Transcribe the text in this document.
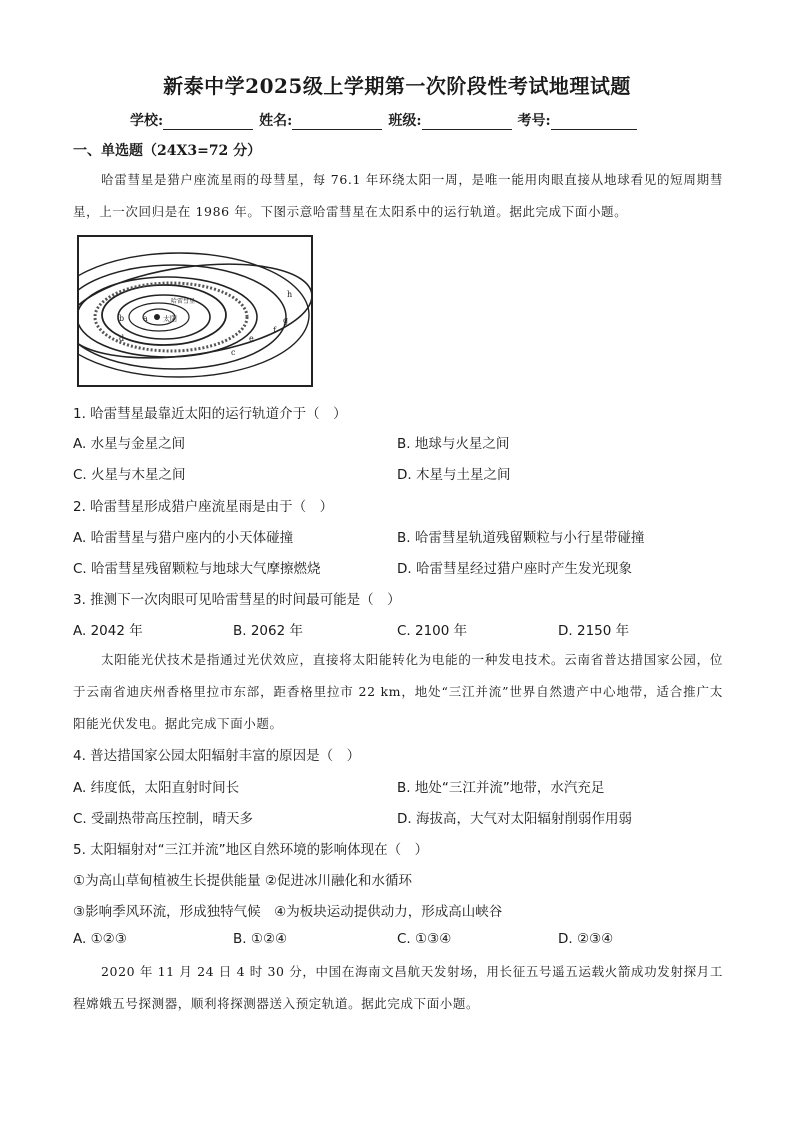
新泰中学2025级上学期第一次阶段性考试地理试题
学校:	姓名:	班级:	考号:
一、单选题（24X3=72 分）
哈雷彗星是猎户座流星雨的母彗星，每 76.1 年环绕太阳一周，是唯一能用肉眼直接从地球看见的短周期彗星，上一次回归是在 1986 年。下图示意哈雷彗星在太阳系中的运行轨道。据此完成下面小题。
太阳
a
b
c
d	e
f
g
h
哈雷彗星
1. 哈雷彗星最靠近太阳的运行轨道介于（　）
A. 水星与金星之间	B. 地球与火星之间
C. 火星与木星之间	D. 木星与土星之间
2. 哈雷彗星形成猎户座流星雨是由于（　）
A. 哈雷彗星与猎户座内的小天体碰撞	B. 哈雷彗星轨道残留颗粒与小行星带碰撞
C. 哈雷彗星残留颗粒与地球大气摩擦燃烧	D. 哈雷彗星经过猎户座时产生发光现象
3. 推测下一次肉眼可见哈雷彗星的时间最可能是（　）
A. 2042 年	B. 2062 年	C. 2100 年	D. 2150 年
太阳能光伏技术是指通过光伏效应，直接将太阳能转化为电能的一种发电技术。云南省普达措国家公园，位于云南省迪庆州香格里拉市东部，距香格里拉市 22 km，地处“三江并流”世界自然遗产中心地带，适合推广太阳能光伏发电。据此完成下面小题。
4. 普达措国家公园太阳辐射丰富的原因是（　）
A. 纬度低，太阳直射时间长	B. 地处“三江并流”地带，水汽充足
C. 受副热带高压控制，晴天多	D. 海拔高，大气对太阳辐射削弱作用弱
5. 太阳辐射对“三江并流”地区自然环境的影响体现在（　）
①为高山草甸植被生长提供能量 ②促进冰川融化和水循环
③影响季风环流，形成独特气候　④为板块运动提供动力，形成高山峡谷
A. ①②③	B. ①②④	C. ①③④	D. ②③④
2020 年 11 月 24 日 4 时 30 分，中国在海南文昌航天发射场，用长征五号遥五运载火箭成功发射探月工程嫦娥五号探测器，顺利将探测器送入预定轨道。据此完成下面小题。
